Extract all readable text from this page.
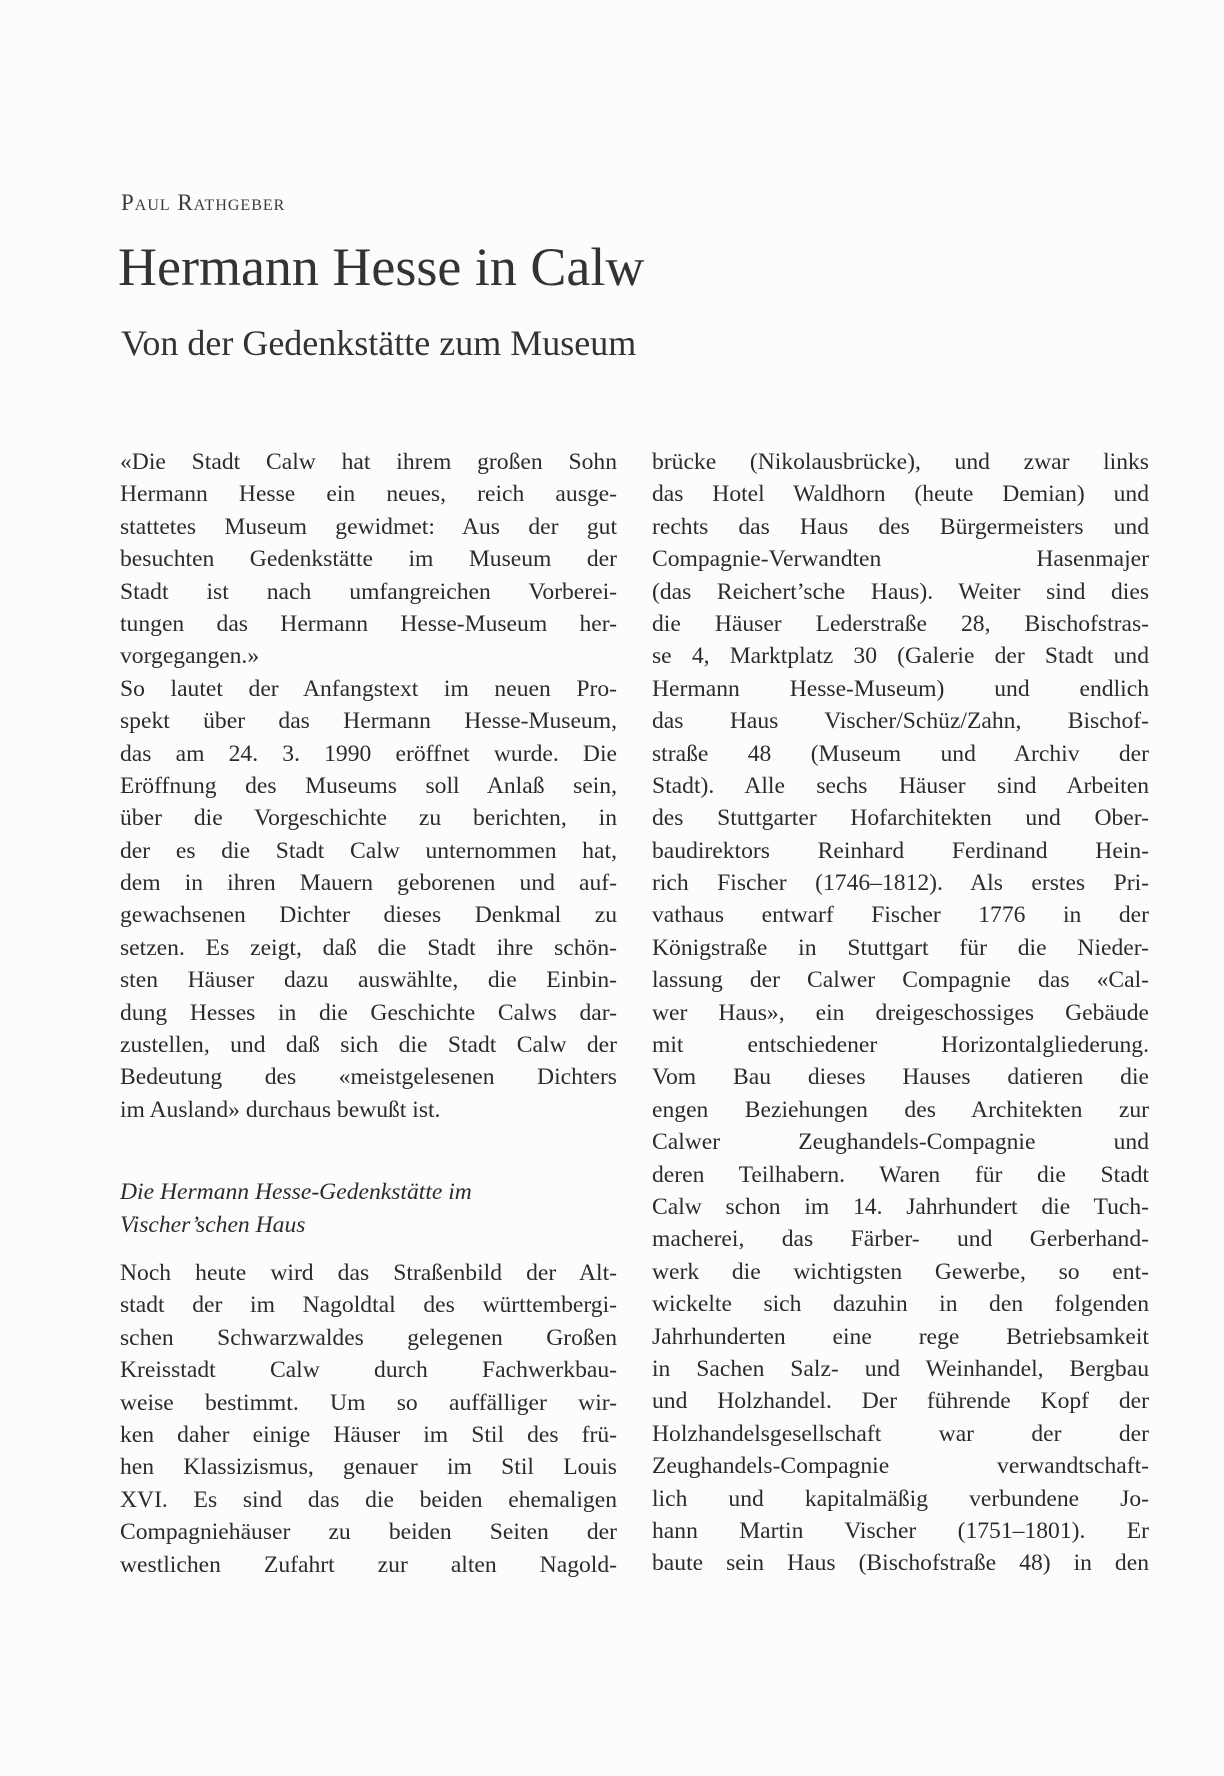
Paul Rathgeber

Hermann Hesse in Calw
Von der Gedenkstätte zum Museum
«Die Stadt Calw hat ihrem großen Sohn
Hermann Hesse ein neues, reich ausge-
stattetes Museum gewidmet: Aus der gut
besuchten Gedenkstätte im Museum der
Stadt ist nach umfangreichen Vorberei-
tungen das Hermann Hesse-Museum her-
vorgegangen.»
So lautet der Anfangstext im neuen Pro-
spekt über das Hermann Hesse-Museum,
das am 24. 3. 1990 eröffnet wurde. Die
Eröffnung des Museums soll Anlaß sein,
über die Vorgeschichte zu berichten, in
der es die Stadt Calw unternommen hat,
dem in ihren Mauern geborenen und auf-
gewachsenen Dichter dieses Denkmal zu
setzen. Es zeigt, daß die Stadt ihre schön-
sten Häuser dazu auswählte, die Einbin-
dung Hesses in die Geschichte Calws dar-
zustellen, und daß sich die Stadt Calw der
Bedeutung des «meistgelesenen Dichters
im Ausland» durchaus bewußt ist.
Die Hermann Hesse-Gedenkstätte im
Vischer’schen Haus
Noch heute wird das Straßenbild der Alt-
stadt der im Nagoldtal des württembergi-
schen Schwarzwaldes gelegenen Großen
Kreisstadt Calw durch Fachwerkbau-
weise bestimmt. Um so auffälliger wir-
ken daher einige Häuser im Stil des frü-
hen Klassizismus, genauer im Stil Louis
XVI. Es sind das die beiden ehemaligen
Compagniehäuser zu beiden Seiten der
westlichen Zufahrt zur alten Nagold-
brücke (Nikolausbrücke), und zwar links
das Hotel Waldhorn (heute Demian) und
rechts das Haus des Bürgermeisters und
Compagnie-Verwandten Hasenmajer
(das Reichert’sche Haus). Weiter sind dies
die Häuser Lederstraße 28, Bischofstras-
se 4, Marktplatz 30 (Galerie der Stadt und
Hermann Hesse-Museum) und endlich
das Haus Vischer/Schüz/Zahn, Bischof-
straße 48 (Museum und Archiv der
Stadt). Alle sechs Häuser sind Arbeiten
des Stuttgarter Hofarchitekten und Ober-
baudirektors Reinhard Ferdinand Hein-
rich Fischer (1746–1812). Als erstes Pri-
vathaus entwarf Fischer 1776 in der
Königstraße in Stuttgart für die Nieder-
lassung der Calwer Compagnie das «Cal-
wer Haus», ein dreigeschossiges Gebäude
mit entschiedener Horizontalgliederung.
Vom Bau dieses Hauses datieren die
engen Beziehungen des Architekten zur
Calwer Zeughandels-Compagnie und
deren Teilhabern. Waren für die Stadt
Calw schon im 14. Jahrhundert die Tuch-
macherei, das Färber- und Gerberhand-
werk die wichtigsten Gewerbe, so ent-
wickelte sich dazuhin in den folgenden
Jahrhunderten eine rege Betriebsamkeit
in Sachen Salz- und Weinhandel, Bergbau
und Holzhandel. Der führende Kopf der
Holzhandelsgesellschaft war der der
Zeughandels-Compagnie verwandtschaft-
lich und kapitalmäßig verbundene Jo-
hann Martin Vischer (1751–1801). Er
baute sein Haus (Bischofstraße 48) in den
